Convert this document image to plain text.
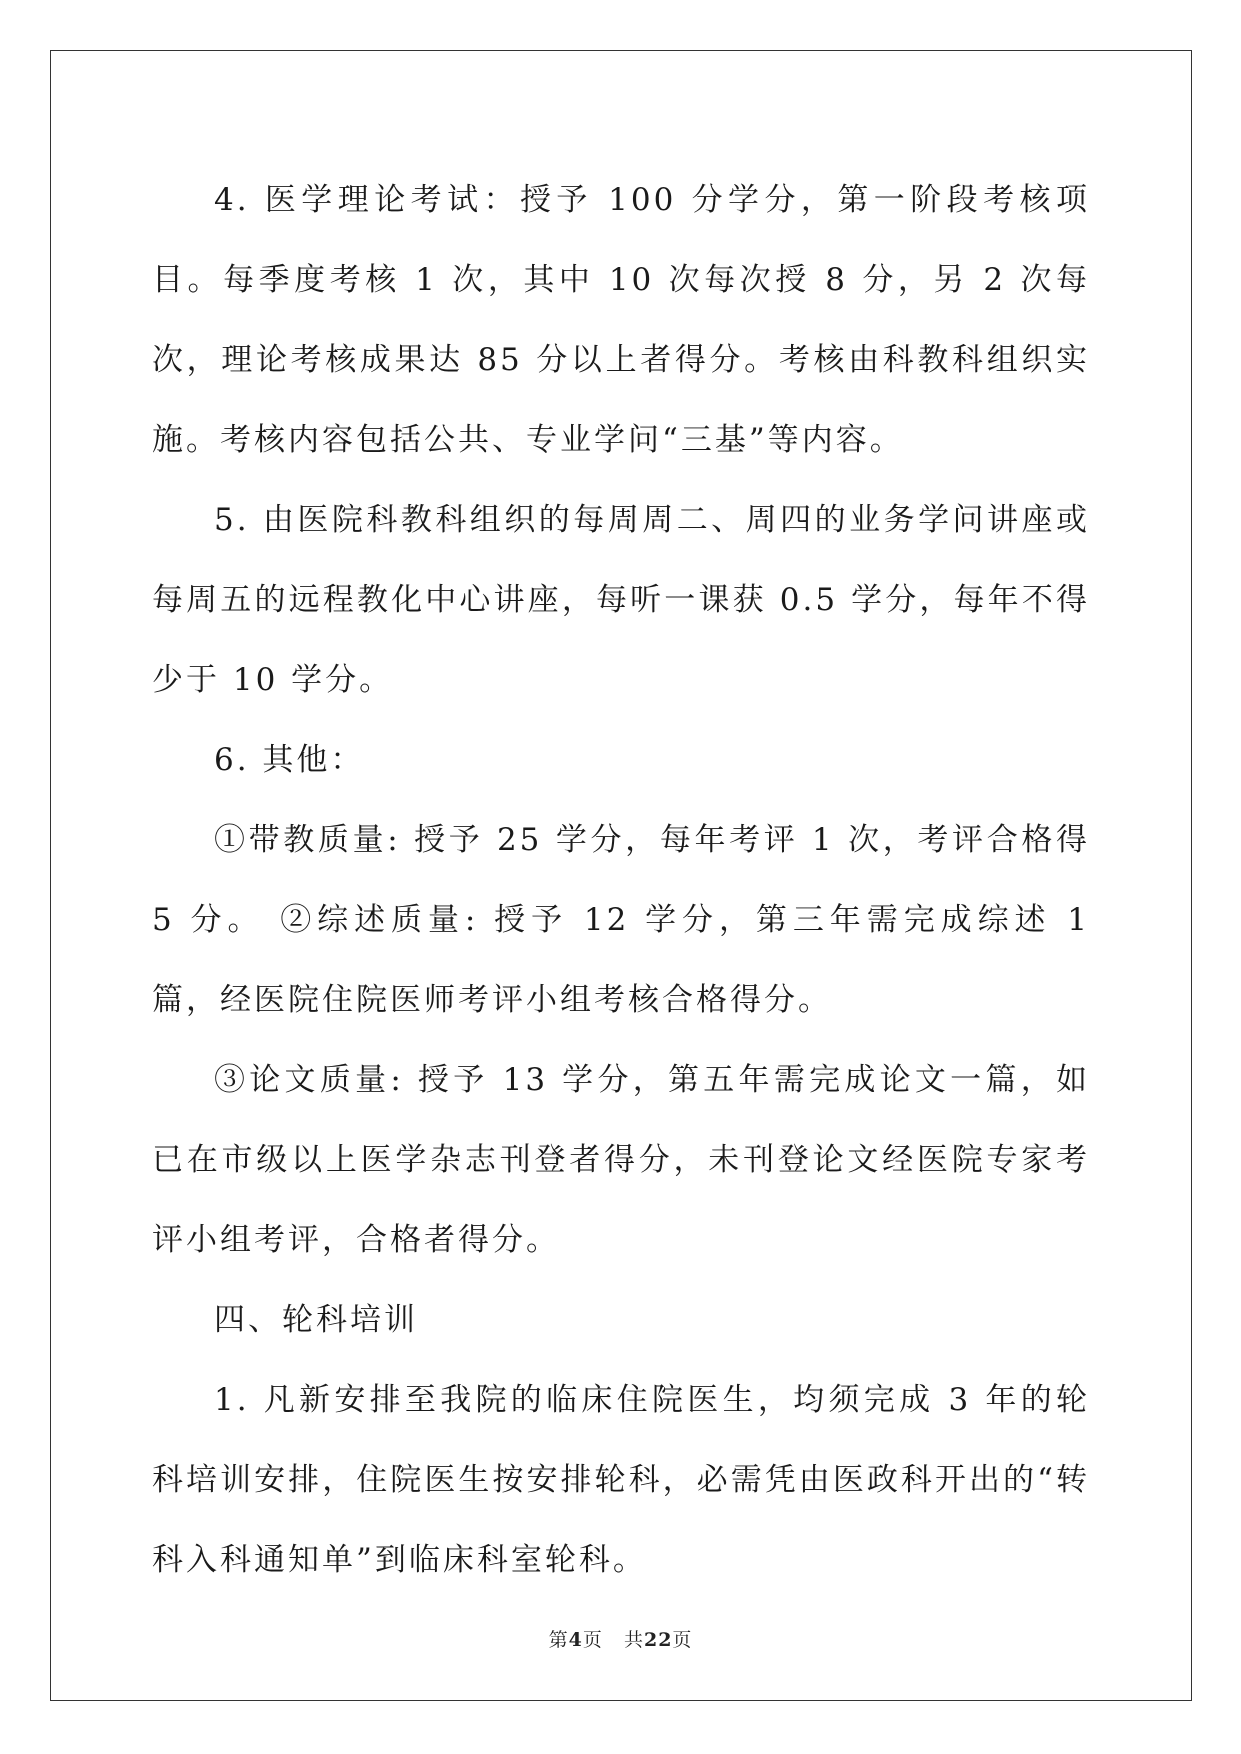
4. 医学理论考试：授予 100 分学分，第一阶段考核项目。每季度考核 1 次，其中 10 次每次授 8 分，另 2 次每次，理论考核成果达 85 分以上者得分。考核由科教科组织实施。考核内容包括公共、专业学问“三基”等内容。

5. 由医院科教科组织的每周周二、周四的业务学问讲座或每周五的远程教化中心讲座，每听一课获 0.5 学分，每年不得少于 10 学分。

6. 其他：

①带教质量: 授予 25 学分，每年考评 1 次，考评合格得 5 分。 ②综述质量: 授予 12 学分，第三年需完成综述 1 篇，经医院住院医师考评小组考核合格得分。

③论文质量: 授予 13 学分，第五年需完成论文一篇，如已在市级以上医学杂志刊登者得分，未刊登论文经医院专家考评小组考评，合格者得分。

四、轮科培训

1. 凡新安排至我院的临床住院医生，均须完成 3 年的轮科培训安排，住院医生按安排轮科，必需凭由医政科开出的“转科入科通知单”到临床科室轮科。

第4页 共22页
